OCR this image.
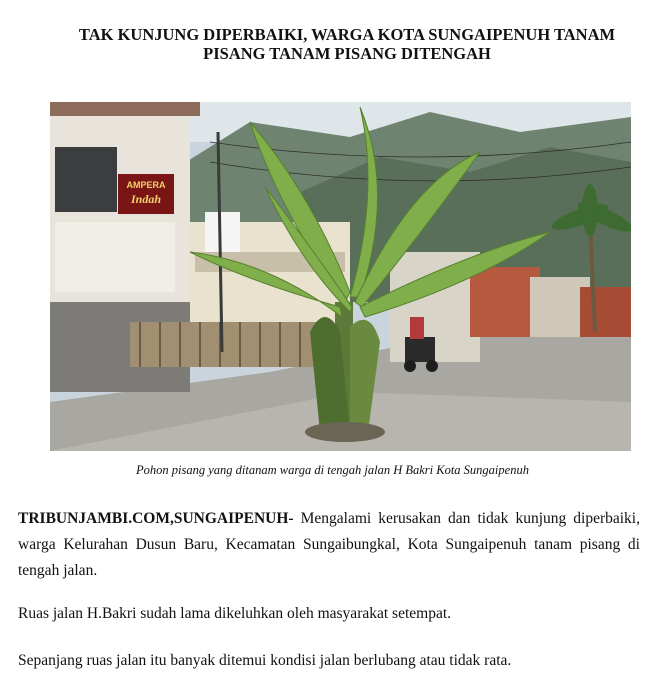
TAK KUNJUNG DIPERBAIKI, WARGA KOTA SUNGAIPENUH TANAM
PISANG TANAM PISANG DITENGAH
AMPERA
Indah
Pohon pisang yang ditanam warga di tengah jalan H Bakri Kota Sungaipenuh
TRIBUNJAMBI.COM,SUNGAIPENUH- Mengalami kerusakan dan tidak kunjung diperbaiki, warga Kelurahan Dusun Baru, Kecamatan Sungaibungkal, Kota Sungaipenuh tanam pisang di tengah jalan.
Ruas jalan H.Bakri sudah lama dikeluhkan oleh masyarakat setempat.
Sepanjang ruas jalan itu banyak ditemui kondisi jalan berlubang atau tidak rata.
